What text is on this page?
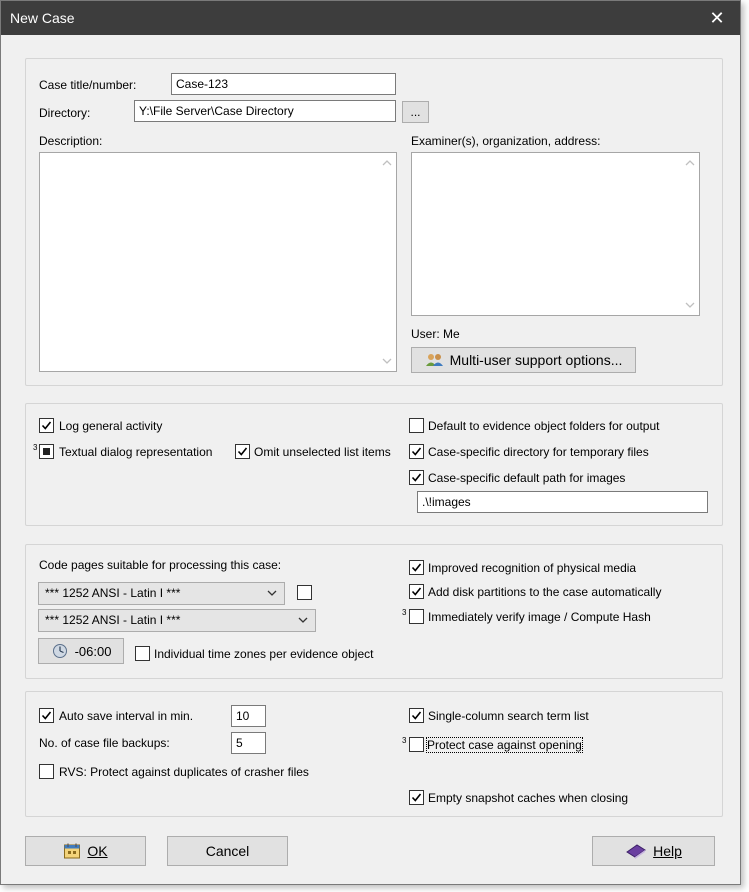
New Case	✕
Case title/number:	Case-123
Directory:	Y:\File Server\Case Directory	...
Description:	Examiner(s), organization, address:
User: Me
Multi-user support options...
Log general activity
3 Textual dialog representation	Omit unselected list items
Default to evidence object folders for output
Case-specific directory for temporary files
Case-specific default path for images
.\!images
Code pages suitable for processing this case:
*** 1252 ANSI - Latin I ***
*** 1252 ANSI - Latin I ***
-06:00	Individual time zones per evidence object
Improved recognition of physical media
Add disk partitions to the case automatically
3 Immediately verify image / Compute Hash
Auto save interval in min.	10
No. of case file backups:	5
RVS: Protect against duplicates of crasher files
Single-column search term list
3 Protect case against opening
Empty snapshot caches when closing
OK	Cancel	Help
